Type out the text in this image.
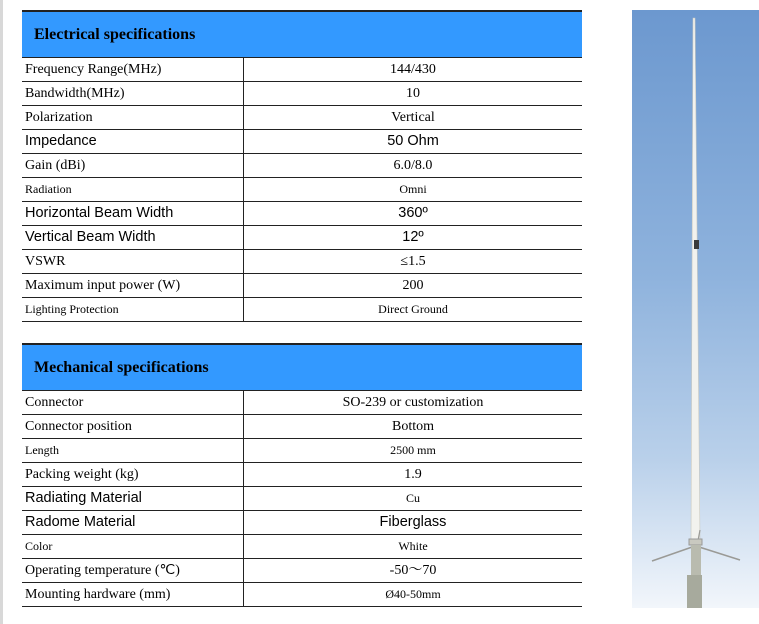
Electrical specifications	
Frequency Range(MHz)	144/430
Bandwidth(MHz)	10
Polarization	Vertical
Impedance	50 Ohm
Gain (dBi)	6.0/8.0
Radiation	Omni
Horizontal Beam Width	360º
Vertical Beam Width	12º
VSWR	≤1.5
Maximum input power (W)	200
Lighting Protection	Direct Ground
Mechanical specifications	
Connector	SO-239 or customization
Connector position	Bottom
Length	2500 mm
Packing weight (kg)	1.9
Radiating Material	Cu
Radome Material	Fiberglass
Color	White
Operating temperature (℃)	-50～70
Mounting hardware (mm)	Ø40-50mm
